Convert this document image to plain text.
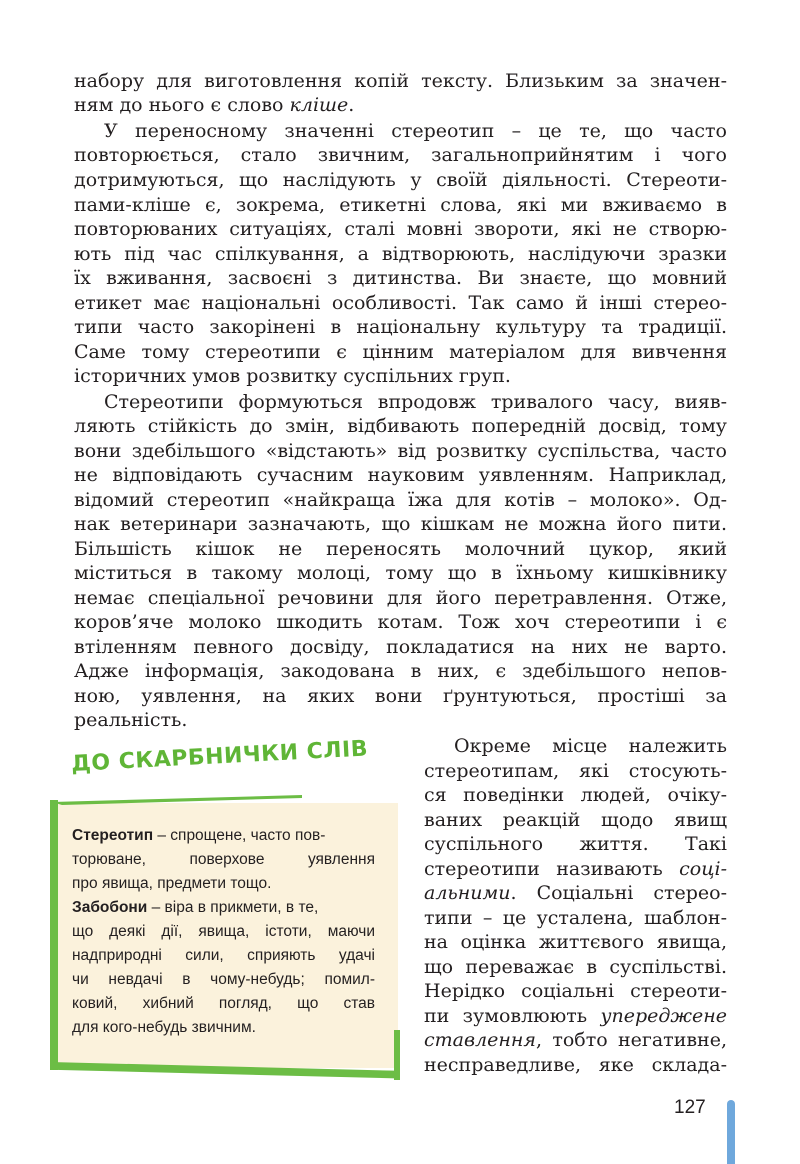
набору для виготовлення копій тексту. Близьким за значен-
ням до нього є слово кліше.
У переносному значенні стереотип – це те, що часто
повторюється, стало звичним, загальноприйнятим і чого
дотримуються, що наслідують у своїй діяльності. Стереоти-
пами-кліше є, зокрема, етикетні слова, які ми вживаємо в
повторюваних ситуаціях, сталі мовні звороти, які не створю-
ють під час спілкування, а відтворюють, наслідуючи зразки
їх вживання, засвоєні з дитинства. Ви знаєте, що мовний
етикет має національні особливості. Так само й інші стерео-
типи часто закорінені в національну культуру та традиції.
Саме тому стереотипи є цінним матеріалом для вивчення
історичних умов розвитку суспільних груп.
Стереотипи формуються впродовж тривалого часу, вияв-
ляють стійкість до змін, відбивають попередній досвід, тому
вони здебільшого «відстають» від розвитку суспільства, часто
не відповідають сучасним науковим уявленням. Наприклад,
відомий стереотип «найкраща їжа для котів – молоко». Од-
нак ветеринари зазначають, що кішкам не можна його пити.
Більшість кішок не переносять молочний цукор, який
міститься в такому молоці, тому що в їхньому кишківнику
немає спеціальної речовини для його перетравлення. Отже,
коров’яче молоко шкодить котам. Тож хоч стереотипи і є
втіленням певного досвіду, покладатися на них не варто.
Адже інформація, закодована в них, є здебільшого непов-
ною, уявлення, на яких вони ґрунтуються, простіші за
реальність.
Окреме місце належить
стереотипам, які стосують-
ся поведінки людей, очіку-
ваних реакцій щодо явищ
суспільного життя. Такі
стереотипи називають соці-
альними. Соціальні стерео-
типи – це усталена, шаблон-
на оцінка життєвого явища,
що переважає в суспільстві.
Нерідко соціальні стереоти-
пи зумовлюють упереджене
ставлення, тобто негативне,
несправедливе, яке склада-
ДО СКАРБНИЧКИ СЛІВ
Стереотип – спрощене, часто пов-
торюване, поверхове уявлення
про явища, предмети тощо.
Забобони – віра в прикмети, в те,
що деякі дії, явища, істоти, маючи
надприродні сили, сприяють удачі
чи невдачі в чому-небудь; помил-
ковий, хибний погляд, що став
для кого-небудь звичним.
127
